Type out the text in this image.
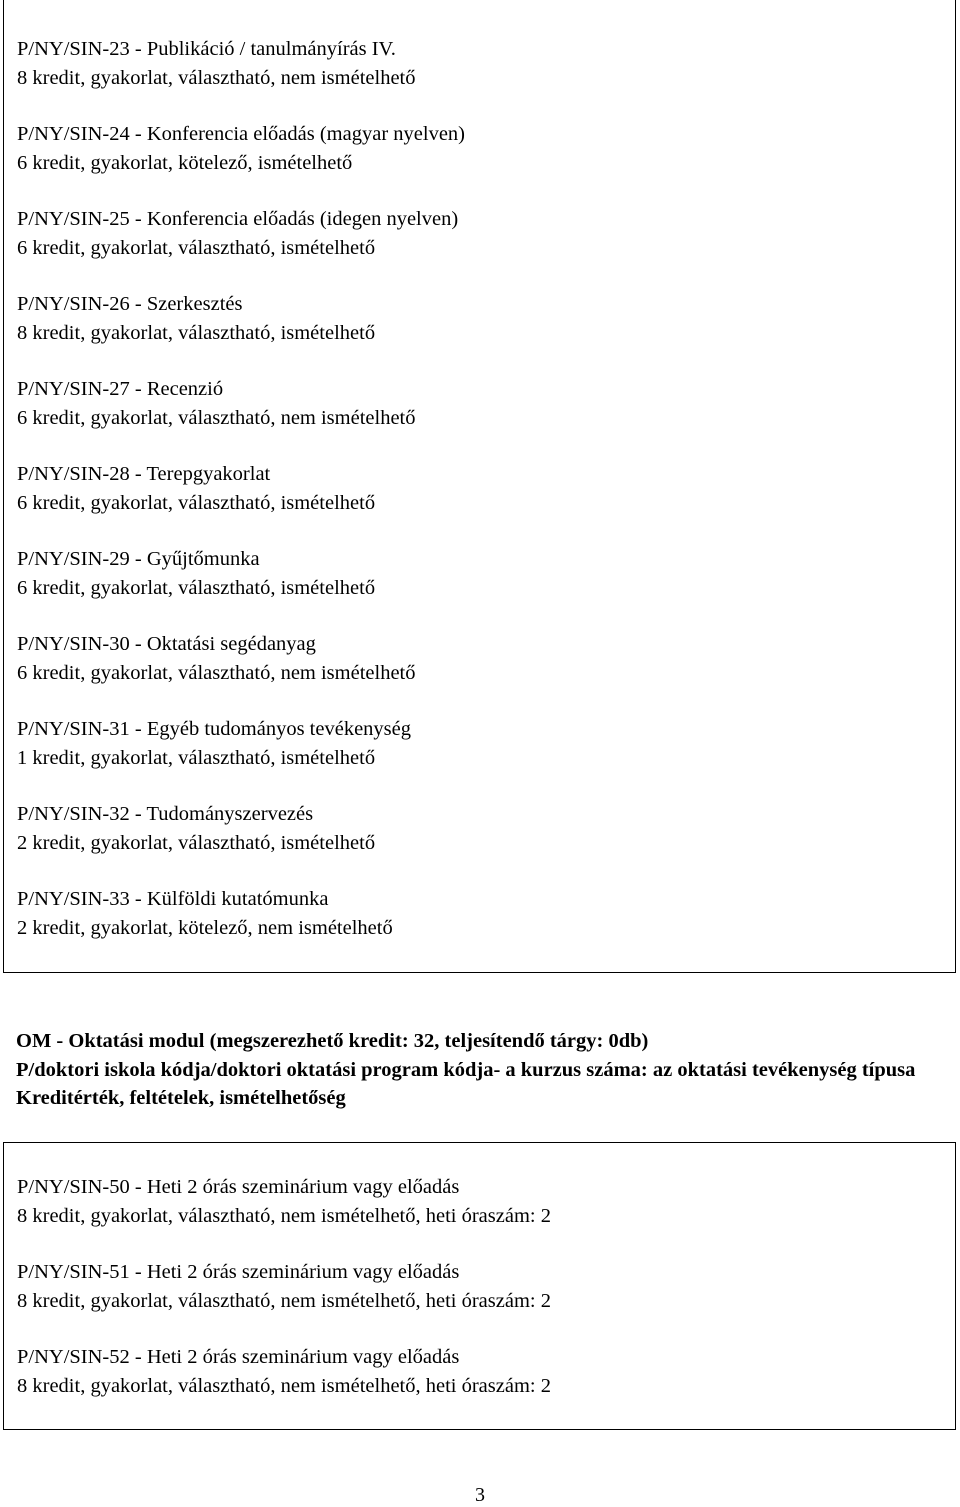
P/NY/SIN-23 - Publikáció / tanulmányírás IV.
8 kredit, gyakorlat, választható, nem ismételhető
P/NY/SIN-24 - Konferencia előadás (magyar nyelven)
6 kredit, gyakorlat, kötelező, ismételhető
P/NY/SIN-25 - Konferencia előadás (idegen nyelven)
6 kredit, gyakorlat, választható, ismételhető
P/NY/SIN-26 - Szerkesztés
8 kredit, gyakorlat, választható, ismételhető
P/NY/SIN-27 - Recenzió
6 kredit, gyakorlat, választható, nem ismételhető
P/NY/SIN-28 - Terepgyakorlat
6 kredit, gyakorlat, választható, ismételhető
P/NY/SIN-29 - Gyűjtőmunka
6 kredit, gyakorlat, választható, ismételhető
P/NY/SIN-30 - Oktatási segédanyag
6 kredit, gyakorlat, választható, nem ismételhető
P/NY/SIN-31 - Egyéb tudományos tevékenység
1 kredit, gyakorlat, választható, ismételhető
P/NY/SIN-32 - Tudományszervezés
2 kredit, gyakorlat, választható, ismételhető
P/NY/SIN-33 - Külföldi kutatómunka
2 kredit, gyakorlat, kötelező, nem ismételhető
OM - Oktatási modul (megszerezhető kredit: 32, teljesítendő tárgy: 0db)
P/doktori iskola kódja/doktori oktatási program kódja- a kurzus száma: az oktatási tevékenység típusa
Kreditérték, feltételek, ismételhetőség
P/NY/SIN-50 - Heti 2 órás szeminárium vagy előadás
8 kredit, gyakorlat, választható, nem ismételhető, heti óraszám: 2
P/NY/SIN-51 - Heti 2 órás szeminárium vagy előadás
8 kredit, gyakorlat, választható, nem ismételhető, heti óraszám: 2
P/NY/SIN-52 - Heti 2 órás szeminárium vagy előadás
8 kredit, gyakorlat, választható, nem ismételhető, heti óraszám: 2
3
